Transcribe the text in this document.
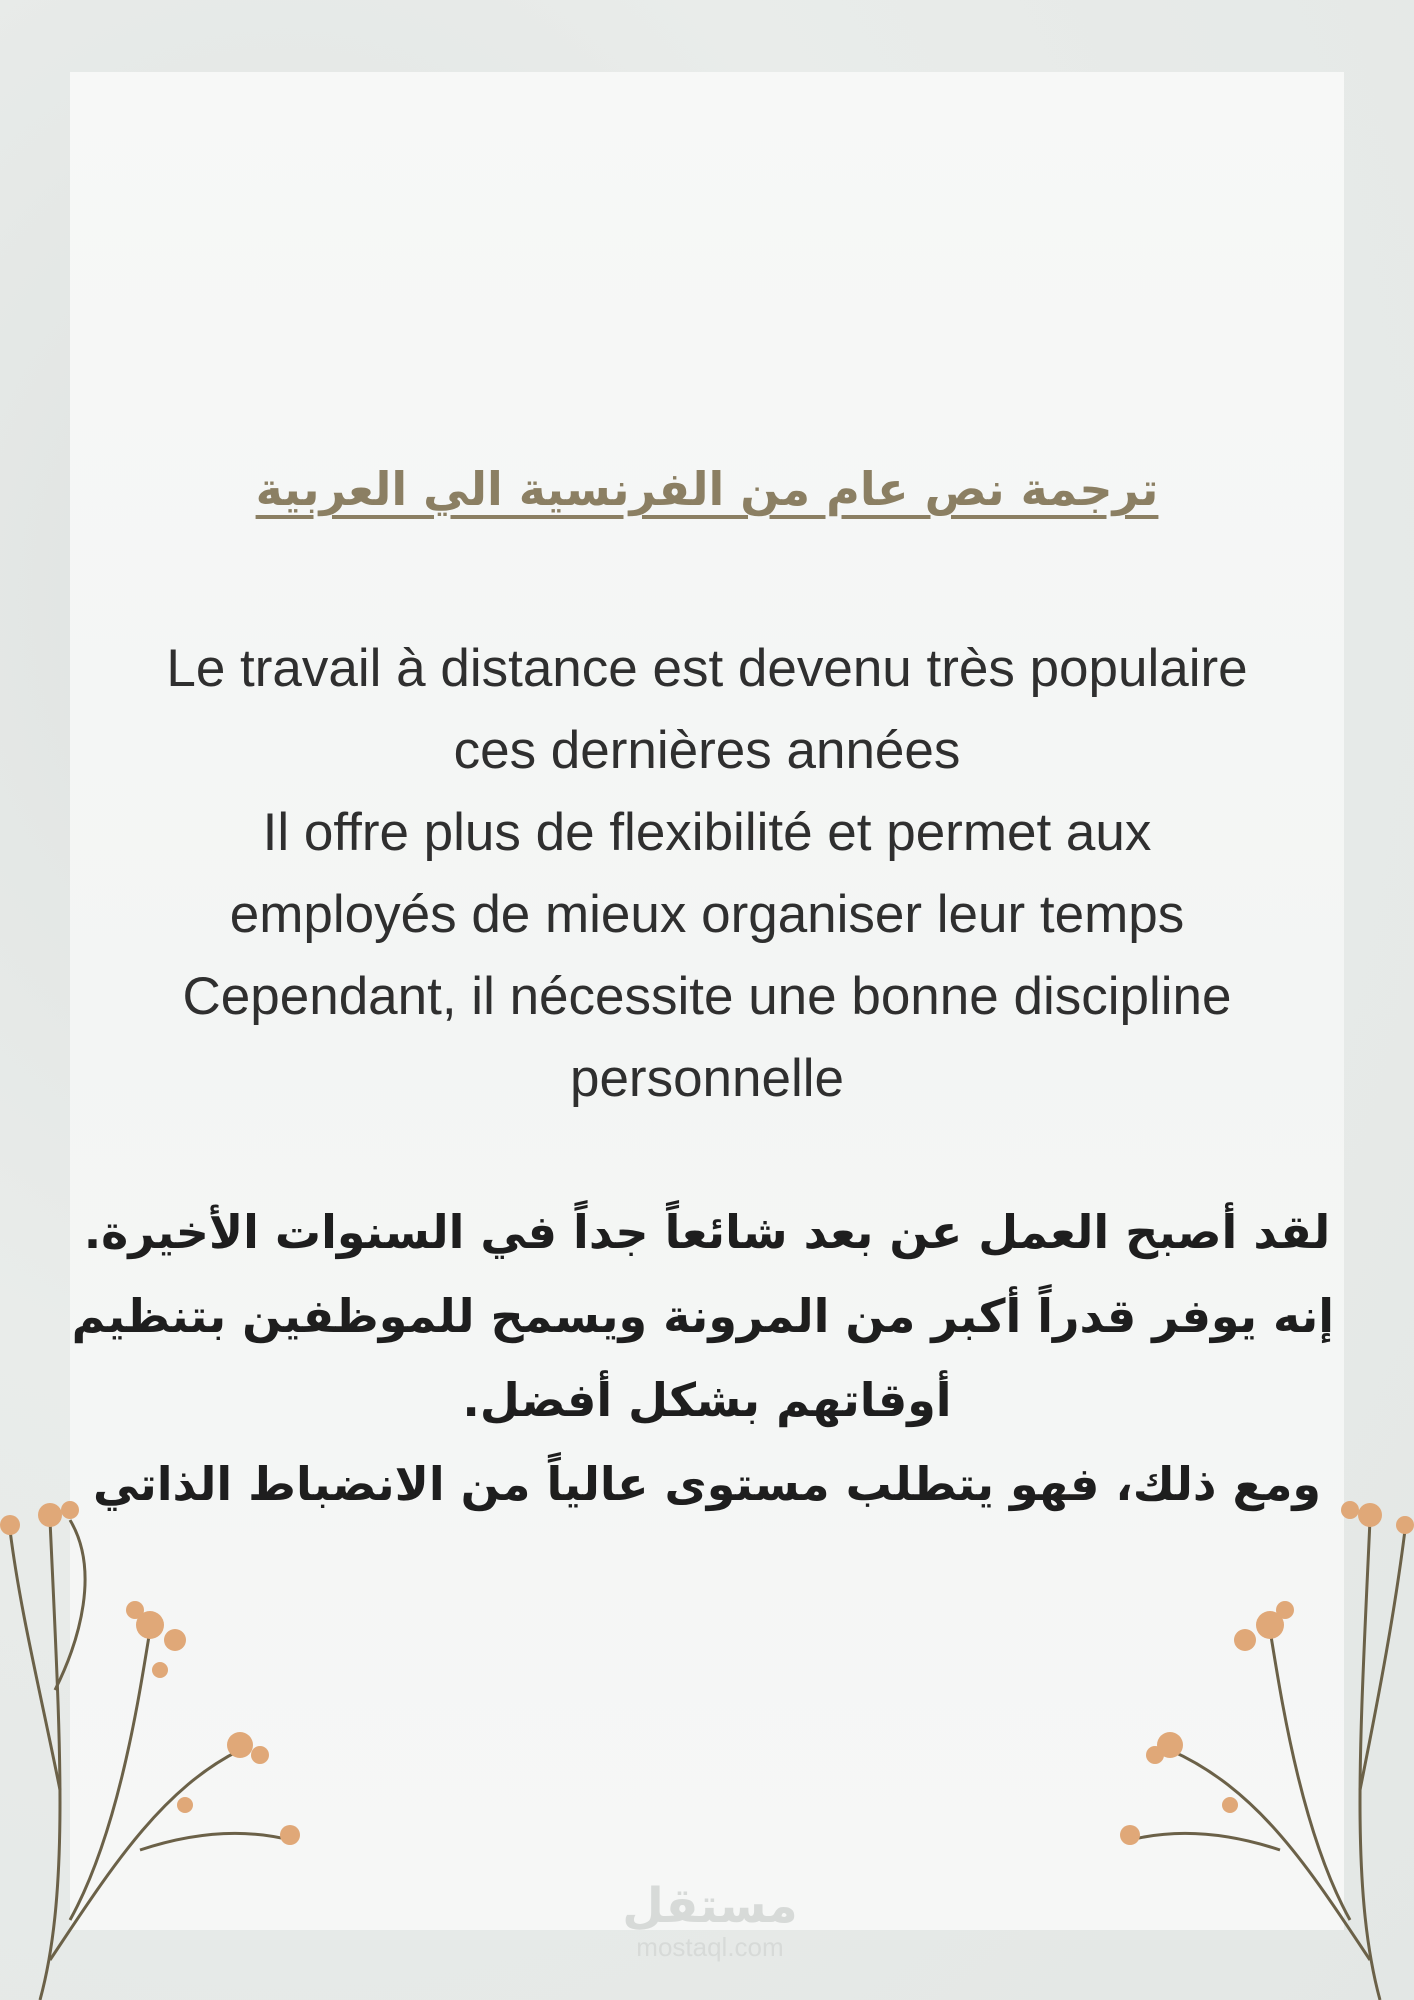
ترجمة نص عام من الفرنسية الي العربية
Le travail à distance est devenu très populaire
ces dernières années
Il offre plus de flexibilité et permet aux
employés de mieux organiser leur temps
Cependant, il nécessite une bonne discipline
personnelle
لقد أصبح العمل عن بعد شائعاً جداً في السنوات الأخيرة.
إنه يوفر قدراً أكبر من المرونة ويسمح للموظفين بتنظيم
أوقاتهم بشكل أفضل.
ومع ذلك، فهو يتطلب مستوى عالياً من الانضباط الذاتي
مستقل
mostaql.com
